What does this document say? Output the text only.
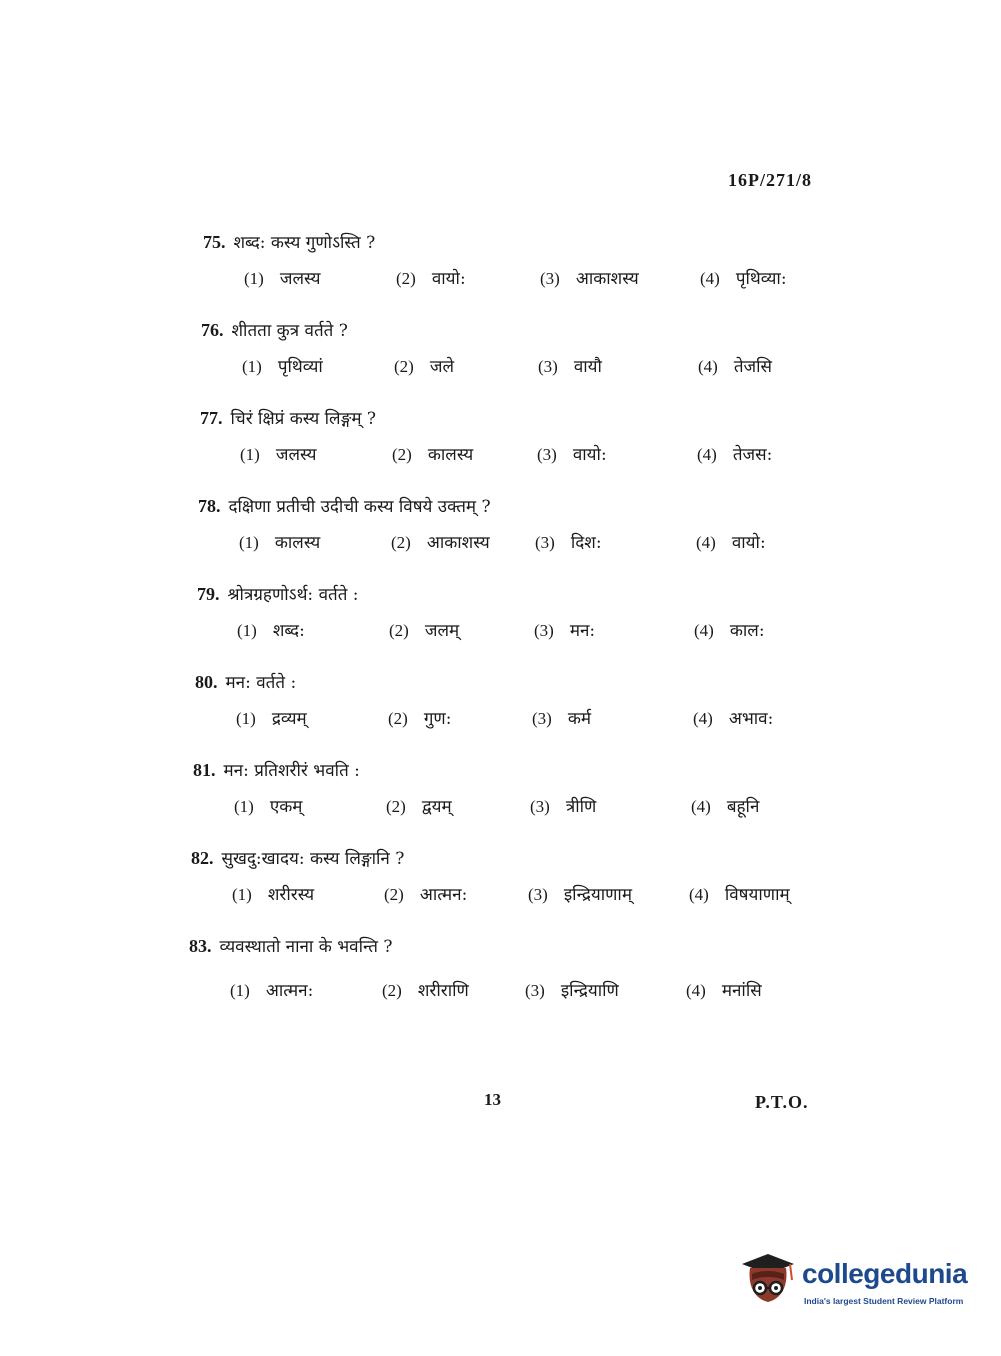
16P/271/8
75. शब्द: कस्य गुणोऽस्ति ?
(1) जलस्य	(2) वायो:	(3) आकाशस्य	(4) पृथिव्या:
76. शीतता कुत्र वर्तते ?
(1) पृथिव्यां	(2) जले	(3) वायौ	(4) तेजसि
77. चिरं क्षिप्रं कस्य लिङ्गम् ?
(1) जलस्य	(2) कालस्य	(3) वायो:	(4) तेजस:
78. दक्षिणा प्रतीची उदीची कस्य विषये उक्तम् ?
(1) कालस्य	(2) आकाशस्य	(3) दिश:	(4) वायो:
79. श्रोत्रग्रहणोऽर्थ: वर्तते :
(1) शब्द:	(2) जलम्	(3) मन:	(4) काल:
80. मन: वर्तते :
(1) द्रव्यम्	(2) गुण:	(3) कर्म	(4) अभाव:
81. मन: प्रतिशरीरं भवति :
(1) एकम्	(2) द्वयम्	(3) त्रीणि	(4) बहूनि
82. सुखदु:खादय: कस्य लिङ्गानि ?
(1) शरीरस्य	(2) आत्मन:	(3) इन्द्रियाणाम्	(4) विषयाणाम्
83. व्यवस्थातो नाना के भवन्ति ?
(1) आत्मन:	(2) शरीराणि	(3) इन्द्रियाणि	(4) मनांसि
13	P.T.O.
collegedunia
India's largest Student Review Platform
